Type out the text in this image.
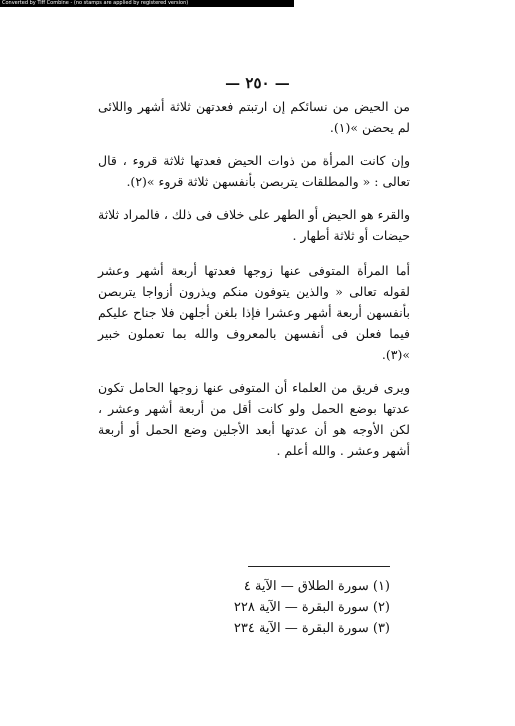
Converted by Tiff Combine - (no stamps are applied by registered version)
— ٢٥٠ —

من الحيض من نسائكم إن ارتبتم فعدتهن ثلاثة أشهر واللائى لم يحضن »(١).

وإن كانت المرأة من ذوات الحيض فعدتها ثلاثة قروء ، قال تعالى : « والمطلقات يتربصن بأنفسهن ثلاثة قروء »(٢).

والقرء هو الحيض أو الطهر على خلاف فى ذلك ، فالمراد ثلاثة حيضات أو ثلاثة أطهار .

أما المرأة المتوفى عنها زوجها فعدتها أربعة أشهر وعشر لقوله تعالى « والذين يتوفون منكم ويذرون أزواجا يتربصن بأنفسهن أربعة أشهر وعشرا فإذا بلغن أجلهن فلا جناح عليكم فيما فعلن فى أنفسهن بالمعروف والله بما تعملون خبير »(٣).

ويرى فريق من العلماء أن المتوفى عنها زوجها الحامل تكون عدتها بوضع الحمل ولو كانت أقل من أربعة أشهر وعشر ، لكن الأوجه هو أن عدتها أبعد الأجلين وضع الحمل أو أربعة أشهر وعشر . والله أعلم .

(١) سورة الطلاق — الآية ٤
(٢) سورة البقرة — الآية ٢٢٨
(٣) سورة البقرة — الآية ٢٣٤
